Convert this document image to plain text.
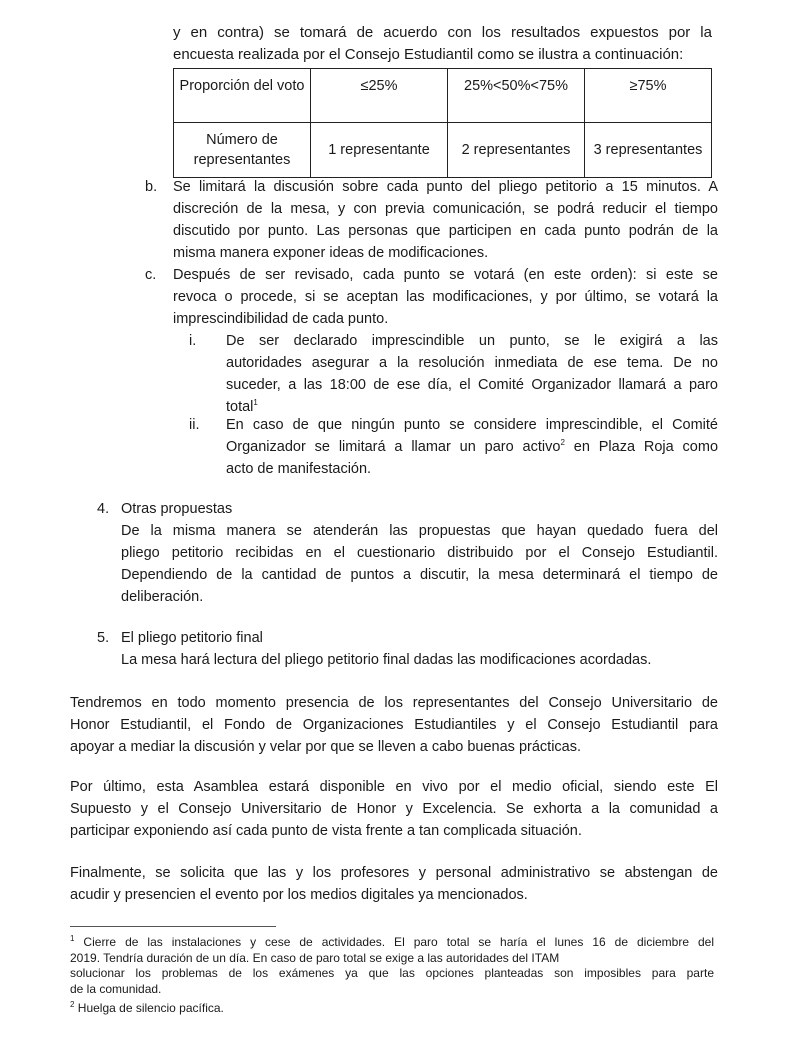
y en contra) se tomará de acuerdo con los resultados expuestos por la
encuesta realizada por el Consejo Estudiantil como se ilustra a continuación:
Proporción del voto	≤25%	25%<50%<75%	≥75%
Número de representantes	1 representante	2 representantes	3 representantes
b. Se limitará la discusión sobre cada punto del pliego petitorio a 15 minutos. A
discreción de la mesa, y con previa comunicación, se podrá reducir el tiempo
discutido por punto. Las personas que participen en cada punto podrán de la
misma manera exponer ideas de modificaciones.
c. Después de ser revisado, cada punto se votará (en este orden): si este se
revoca o procede, si se aceptan las modificaciones, y por último, se votará la
imprescindibilidad de cada punto.
i. De ser declarado imprescindible un punto, se le exigirá a las
autoridades asegurar a la resolución inmediata de ese tema. De no
suceder, a las 18:00 de ese día, el Comité Organizador llamará a paro
total$^1$
ii. En caso de que ningún punto se considere imprescindible, el Comité
Organizador se limitará a llamar un paro activo$^2$ en Plaza Roja como
acto de manifestación.
4. Otras propuestas
De la misma manera se atenderán las propuestas que hayan quedado fuera del
pliego petitorio recibidas en el cuestionario distribuido por el Consejo Estudiantil.
Dependiendo de la cantidad de puntos a discutir, la mesa determinará el tiempo de
deliberación.
5. El pliego petitorio final
La mesa hará lectura del pliego petitorio final dadas las modificaciones acordadas.
Tendremos en todo momento presencia de los representantes del Consejo Universitario de
Honor Estudiantil, el Fondo de Organizaciones Estudiantiles y el Consejo Estudiantil para
apoyar a mediar la discusión y velar por que se lleven a cabo buenas prácticas.
Por último, esta Asamblea estará disponible en vivo por el medio oficial, siendo este El
Supuesto y el Consejo Universitario de Honor y Excelencia. Se exhorta a la comunidad a
participar exponiendo así cada punto de vista frente a tan complicada situación.
Finalmente, se solicita que las y los profesores y personal administrativo se abstengan de
acudir y presencien el evento por los medios digitales ya mencionados.
$^1$ Cierre de las instalaciones y cese de actividades. El paro total se haría el lunes 16 de diciembre del
2019. Tendría duración de un día. En caso de paro total se exige a las autoridades del ITAM
solucionar los problemas de los exámenes ya que las opciones planteadas son imposibles para parte
de la comunidad.
$^2$ Huelga de silencio pacífica.
